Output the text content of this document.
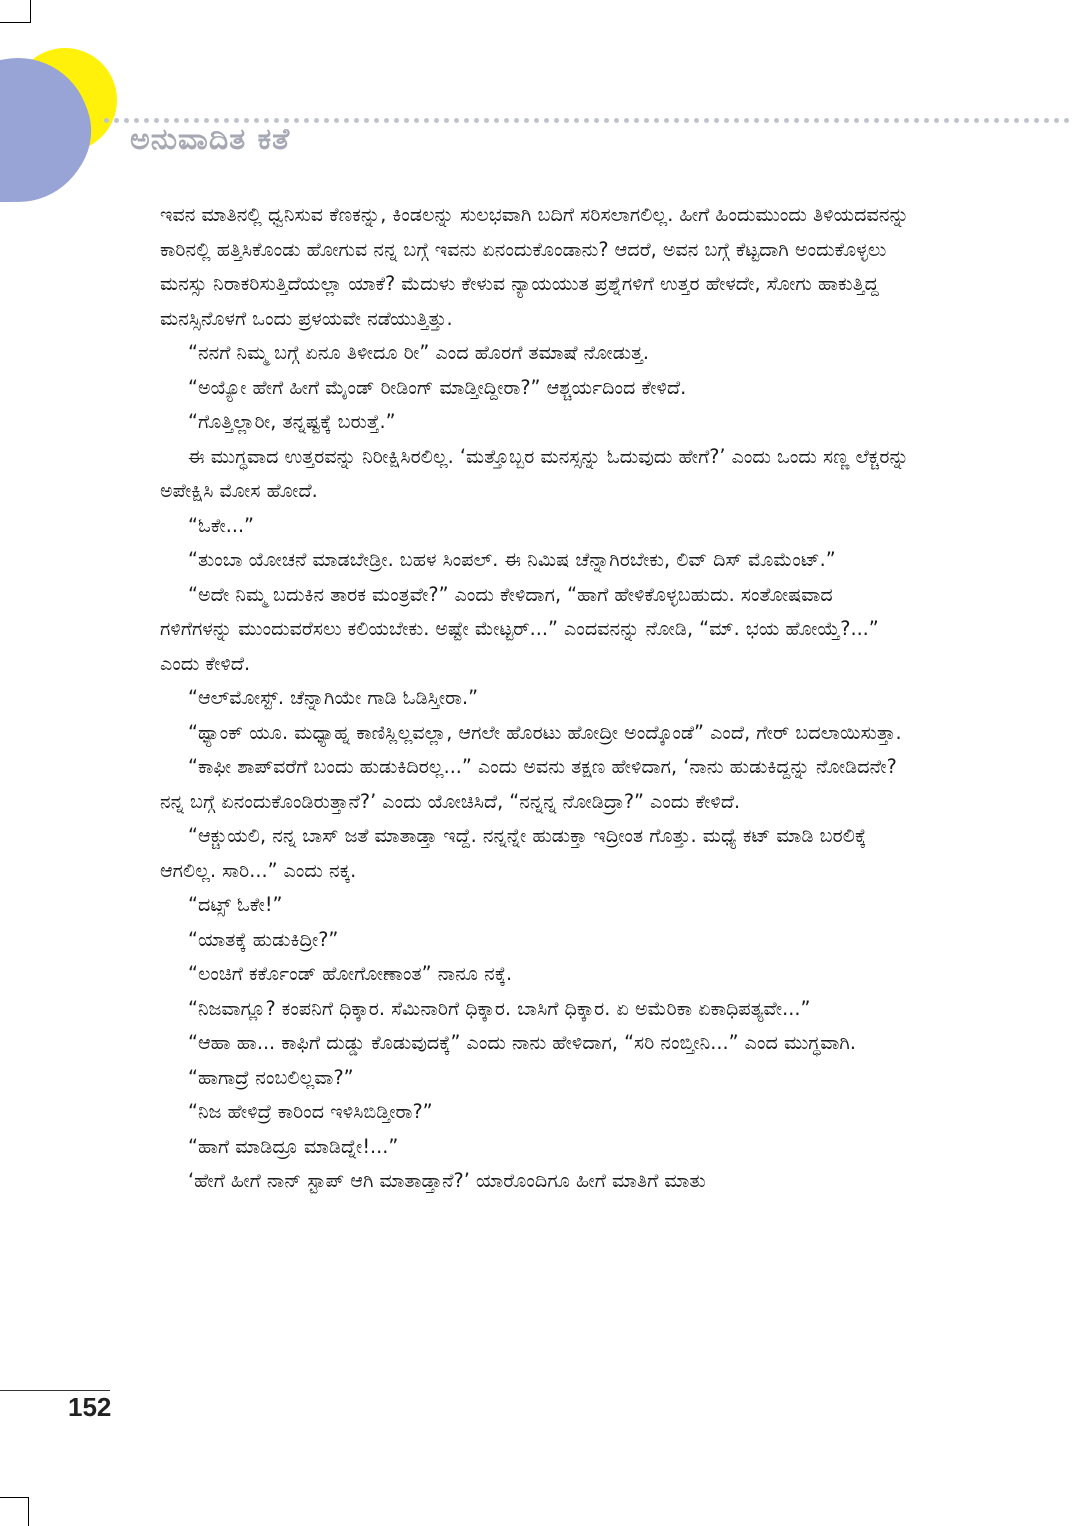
ಅನುವಾದಿತ ಕತೆ

ಇವನ ಮಾತಿನಲ್ಲಿ ಧ್ವನಿಸುವ ಕೆಣಕನ್ನು, ಕಿಂಡಲನ್ನು ಸುಲಭವಾಗಿ ಬದಿಗೆ ಸರಿಸಲಾಗಲಿಲ್ಲ. ಹೀಗೆ ಹಿಂದುಮುಂದು ತಿಳಿಯದವನನ್ನು ಕಾರಿನಲ್ಲಿ ಹತ್ತಿಸಿಕೊಂಡು ಹೋಗುವ ನನ್ನ ಬಗ್ಗೆ ಇವನು ಏನಂದುಕೊಂಡಾನು? ಆದರೆ, ಅವನ ಬಗ್ಗೆ ಕೆಟ್ಟದಾಗಿ ಅಂದುಕೊಳ್ಳಲು ಮನಸ್ಸು ನಿರಾಕರಿಸುತ್ತಿದೆಯಲ್ಲಾ ಯಾಕೆ? ಮೆದುಳು ಕೇಳುವ ನ್ಯಾಯಯುತ ಪ್ರಶ್ನೆಗಳಿಗೆ ಉತ್ತರ ಹೇಳದೇ, ಸೋಗು ಹಾಕುತ್ತಿದ್ದ ಮನಸ್ಸಿನೊಳಗೆ ಒಂದು ಪ್ರಳಯವೇ ನಡೆಯುತ್ತಿತ್ತು.

“ನನಗೆ ನಿಮ್ಮ ಬಗ್ಗೆ ಏನೂ ತಿಳೀದೂ ರೀ” ಎಂದ ಹೊರಗೆ ತಮಾಷೆ ನೋಡುತ್ತ.

“ಅಯ್ಯೋ ಹೇಗೆ ಹೀಗೆ ಮೈಂಡ್ ರೀಡಿಂಗ್ ಮಾಡ್ತೀದ್ದೀರಾ?” ಆಶ್ಚರ್ಯದಿಂದ ಕೇಳಿದೆ.

“ಗೊತ್ತಿಲ್ಲಾರೀ, ತನ್ನಷ್ಟಕ್ಕೆ ಬರುತ್ತೆ.”

ಈ ಮುಗ್ಧವಾದ ಉತ್ತರವನ್ನು ನಿರೀಕ್ಷಿಸಿರಲಿಲ್ಲ. ‘ಮತ್ತೊಬ್ಬರ ಮನಸ್ಸನ್ನು ಓದುವುದು ಹೇಗೆ?’ ಎಂದು ಒಂದು ಸಣ್ಣ ಲೆಕ್ಚರನ್ನು ಅಪೇಕ್ಷಿಸಿ ಮೋಸ ಹೋದೆ.

“ಓಕೇ...”

“ತುಂಬಾ ಯೋಚನೆ ಮಾಡಬೇಡ್ರೀ. ಬಹಳ ಸಿಂಪಲ್. ಈ ನಿಮಿಷ ಚೆನ್ನಾಗಿರಬೇಕು, ಲಿವ್ ದಿಸ್ ಮೊಮೆಂಟ್.”

“ಅದೇ ನಿಮ್ಮ ಬದುಕಿನ ತಾರಕ ಮಂತ್ರವೇ?” ಎಂದು ಕೇಳಿದಾಗ, “ಹಾಗೆ ಹೇಳಿಕೊಳ್ಳಬಹುದು. ಸಂತೋಷವಾದ ಗಳಿಗೆಗಳನ್ನು ಮುಂದುವರೆಸಲು ಕಲಿಯಬೇಕು. ಅಷ್ಟೇ ಮೇಟ್ಟರ್...” ಎಂದವನನ್ನು ನೋಡಿ, “ಮ್. ಭಯ ಹೋಯ್ತೆ?...” ಎಂದು ಕೇಳಿದೆ.

“ಆಲ್‌ಮೋಸ್ಟ್. ಚೆನ್ನಾಗಿಯೇ ಗಾಡಿ ಓಡಿಸ್ತೀರಾ.”

“ಥ್ಯಾಂಕ್ ಯೂ. ಮಧ್ಯಾಹ್ನ ಕಾಣಿಸ್ಲಿಲ್ಲವಲ್ಲಾ, ಆಗಲೇ ಹೊರಟು ಹೋದ್ರೀ ಅಂದ್ಕೊಂಡೆ” ಎಂದೆ, ಗೇರ್ ಬದಲಾಯಿಸುತ್ತಾ.

“ಕಾಫೀ ಶಾಪ್‌ವರೆಗೆ ಬಂದು ಹುಡುಕಿದಿರಲ್ಲ...” ಎಂದು ಅವನು ತಕ್ಷಣ ಹೇಳಿದಾಗ, ‘ನಾನು ಹುಡುಕಿದ್ದನ್ನು ನೋಡಿದನೇ? ನನ್ನ ಬಗ್ಗೆ ಏನಂದುಕೊಂಡಿರುತ್ತಾನೆ?’ ಎಂದು ಯೋಚಿಸಿದೆ, “ನನ್ನನ್ನ ನೋಡಿದ್ರಾ?” ಎಂದು ಕೇಳಿದೆ.

“ಆಕ್ಚುಯಲಿ, ನನ್ನ ಬಾಸ್ ಜತೆ ಮಾತಾಡ್ತಾ ಇದ್ದೆ. ನನ್ನನ್ನೇ ಹುಡುಕ್ತಾ ಇದ್ರೀಂತ ಗೊತ್ತು. ಮಧ್ಯೆ ಕಟ್ ಮಾಡಿ ಬರಲಿಕ್ಕೆ ಆಗಲಿಲ್ಲ. ಸಾರಿ...” ಎಂದು ನಕ್ಕ.

“ದಟ್ಸ್ ಓಕೇ!”

“ಯಾತಕ್ಕೆ ಹುಡುಕಿದ್ರೀ?”

“ಲಂಚಿಗೆ ಕರ್ಕೊಂಡ್ ಹೋಗೋಣಾಂತ” ನಾನೂ ನಕ್ಕೆ.

“ನಿಜವಾಗ್ಲೂ? ಕಂಪನಿಗೆ ಧಿಕ್ಕಾರ. ಸೆಮಿನಾರಿಗೆ ಧಿಕ್ಕಾರ. ಬಾಸಿಗೆ ಧಿಕ್ಕಾರ. ಏ ಅಮೆರಿಕಾ ಏಕಾಧಿಪತ್ಯವೇ...”

“ಆಹಾ ಹಾ... ಕಾಫಿಗೆ ದುಡ್ಡು ಕೊಡುವುದಕ್ಕೆ” ಎಂದು ನಾನು ಹೇಳಿದಾಗ, “ಸರಿ ನಂಬ್ತೀನಿ...” ಎಂದ ಮುಗ್ಧವಾಗಿ.

“ಹಾಗಾದ್ರೆ ನಂಬಲಿಲ್ಲವಾ?”

“ನಿಜ ಹೇಳಿದ್ರೆ ಕಾರಿಂದ ಇಳಿಸಿಬಿಡ್ತೀರಾ?”

“ಹಾಗೆ ಮಾಡಿದ್ರೂ ಮಾಡಿದ್ನೇ!...”

‘ಹೇಗೆ ಹೀಗೆ ನಾನ್ ಸ್ಟಾಪ್ ಆಗಿ ಮಾತಾಡ್ತಾನೆ?’ ಯಾರೊಂದಿಗೂ ಹೀಗೆ ಮಾತಿಗೆ ಮಾತು

152
